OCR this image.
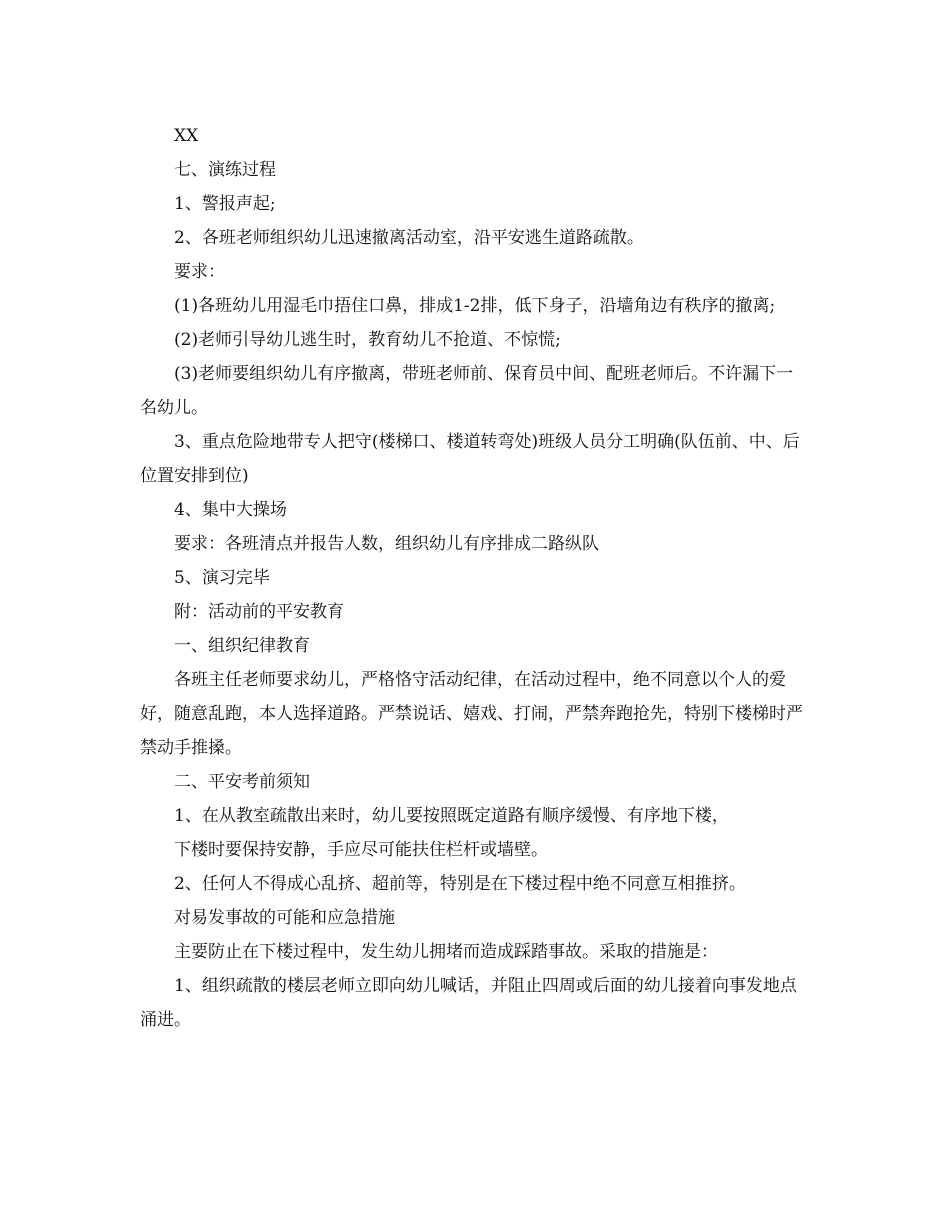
XX

七、演练过程

1、警报声起;

2、各班老师组织幼儿迅速撤离活动室，沿平安逃生道路疏散。

要求：

(1)各班幼儿用湿毛巾捂住口鼻，排成1-2排，低下身子，沿墙角边有秩序的撤离;

(2)老师引导幼儿逃生时，教育幼儿不抢道、不惊慌;

(3)老师要组织幼儿有序撤离，带班老师前、保育员中间、配班老师后。不许漏下一名幼儿。

3、重点危险地带专人把守(楼梯口、楼道转弯处)班级人员分工明确(队伍前、中、后位置安排到位)

4、集中大操场

要求：各班清点并报告人数，组织幼儿有序排成二路纵队

5、演习完毕

附：活动前的平安教育

一、组织纪律教育

各班主任老师要求幼儿，严格恪守活动纪律，在活动过程中，绝不同意以个人的爱好，随意乱跑，本人选择道路。严禁说话、嬉戏、打闹，严禁奔跑抢先，特别下楼梯时严禁动手推搡。

二、平安考前须知

1、在从教室疏散出来时，幼儿要按照既定道路有顺序缓慢、有序地下楼，

下楼时要保持安静，手应尽可能扶住栏杆或墙壁。

2、任何人不得成心乱挤、超前等，特别是在下楼过程中绝不同意互相推挤。

对易发事故的可能和应急措施

主要防止在下楼过程中，发生幼儿拥堵而造成踩踏事故。采取的措施是：

1、组织疏散的楼层老师立即向幼儿喊话，并阻止四周或后面的幼儿接着向事发地点涌进。
